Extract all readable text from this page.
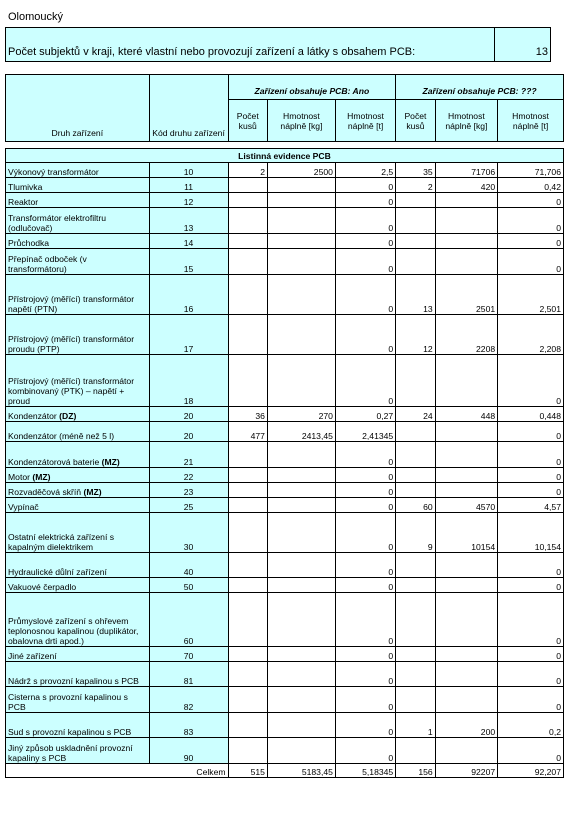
Olomoucký
Počet subjektů v kraji, které vlastní nebo provozují zařízení a látky s obsahem PCB:	13
Druh zařízení	Kód druhu zařízení	Zařízení obsahuje PCB: Ano			Zařízení obsahuje PCB: ???		
		Počet kusů	Hmotnost náplně [kg]	Hmotnost náplně [t]	Počet kusů	Hmotnost náplně [kg]	Hmotnost náplně [t]

Listinná evidence PCB							
Výkonový transformátor	10	2	2500	2,5	35	71706	71,706
Tlumivka	11			0	2	420	0,42
Reaktor	12			0			0
Transformátor elektrofiltru (odlučovač)	13			0			0
Průchodka	14			0			0
Přepínač odboček (v transformátoru)	15			0			0
Přístrojový (měřící) transformátor napětí (PTN)	16			0	13	2501	2,501
Přístrojový (měřící) transformátor proudu (PTP)	17			0	12	2208	2,208
Přístrojový (měřící) transformátor kombinovaný (PTK) – napětí + proud	18			0			0
Kondenzátor (DZ)	20	36	270	0,27	24	448	0,448
Kondenzátor (méně než 5 l)	20	477	2413,45	2,41345			0
Kondenzátorová baterie (MZ)	21			0			0
Motor (MZ)	22			0			0
Rozvaděčová skříň (MZ)	23			0			0
Vypínač	25			0	60	4570	4,57
Ostatní elektrická zařízení s kapalným dielektrikem	30			0	9	10154	10,154
Hydraulické důlní zařízení	40			0			0
Vakuové čerpadlo	50			0			0
Průmyslové zařízení s ohřevem teplonosnou kapalinou (duplikátor, obalovna drti apod.)	60			0			0
Jiné zařízení	70			0			0
Nádrž s provozní kapalinou s PCB	81			0			0
Cisterna s provozní kapalinou s PCB	82			0			0
Sud s provozní kapalinou s PCB	83			0	1	200	0,2
Jiný způsob uskladnění provozní kapaliny s PCB	90			0			0
	Celkem	515	5183,45	5,18345	156	92207	92,207
